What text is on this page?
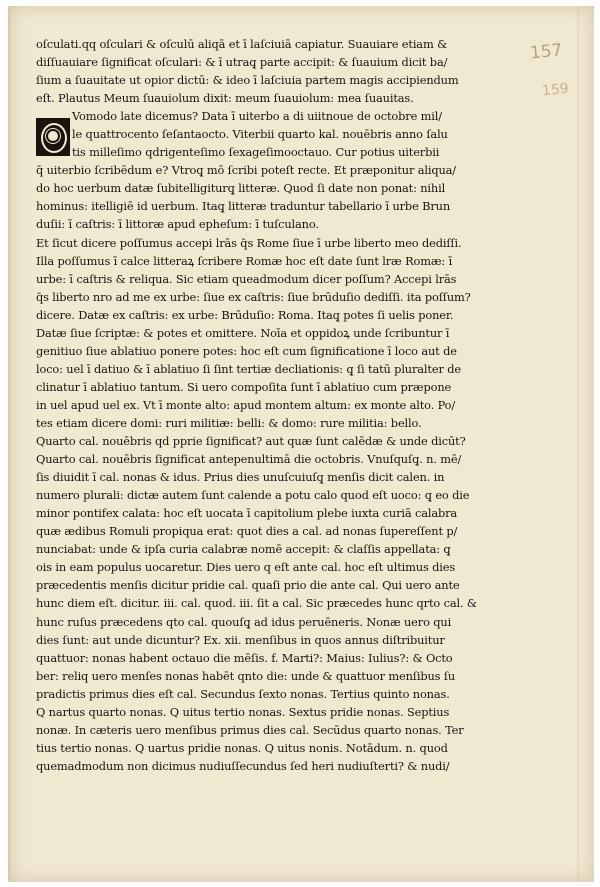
157
159
oſculati.qq oſculari & oſculū aliqā et ī laſciuiā capiatur. Suauiare etiam &
diſſuauiare ſignificat oſculari: & ī utraq̧ parte accipit: & ſuauium dicit ba/
ſium a ſuauitate ut opior dictū: & ideo ī laſciuia partem magis accipiendum
eſt. Plautus Meum ſuauiolum dixit: meum ſuauiolum: mea ſuauitas.
Vomodo late dicemus? Data ī uiterbo a di uiitnoue de octobre mil/
le quattrocento ſeſantaocto. Viterbii quarto kal. nouēbris anno ſalu
tis milleſimo qdrigenteſimo ſexageſimooctauo. Cur potius uiterbii
q̄ uiterbio ſcribēdum e? Vtroq̧ mō ſcribi poteſt recte. Et præponitur aliqua/
do hoc uerbum datæ ſubitelligiturq̧ litteræ. Quod ſi date non ponat: nihil
hominus: itelligiē id uerbum. Itaq̧ litteræ traduntur tabellario ī urbe Brun
duſii: ī caſtris: ī littoræ apud epheſum: ī tuſculano.
Et ſicut dicere poſſumus accepi lrās q̄s Rome ſiue ī urbe liberto meo dediſſi.
Illa poſſumus ī calce litteraꝝ ſcribere Romæ hoc eſt date ſunt lræ Romæ: ī
urbe: ī caſtris & reliqua. Sic etiam queadmodum dicer poſſum? Accepi lrās
q̄s liberto nro ad me ex urbe: ſiue ex caſtris: ſiue brūduſio dediſſi. ita poſſum?
dicere. Datæ ex caſtris: ex urbe: Brūduſio: Roma. Itaq̧ potes ſi uelis poner.
Datæ ſiue ſcriptæ: & potes et omittere. Noīa et oppidoꝝ unde ſcribuntur ī
genitiuo ſiue ablatiuo ponere potes: hoc eſt cum ſignificatione ī loco aut de
loco: uel ī datiuo & ī ablatiuo ſi ſint tertiæ decliationis: q̧ ſi tatū pluralter de
clinatur ī ablatiuo tantum. Si uero compoſita ſunt ī ablatiuo cum præpone
in uel apud uel ex. Vt ī monte alto: apud montem altum: ex monte alto. Po/
tes etiam dicere domi: ruri militiæ: belli: & domo: rure militia: bello.
Quarto cal. nouēbris qd pprie ſignificat? aut quæ ſunt calēdæ & unde dicūt?
Quarto cal. nouēbris ſignificat antepenultimā die octobris. Vnuſquſq̧. n. mē/
ſis diuidit ī cal. nonas & idus. Prius dies unuſcuiuſq̧ menſis dicit calen. in
numero plurali: dictæ autem ſunt calende a potu calo quod eſt uoco: q̧ eo die
minor pontifex calata: hoc eſt uocata ī capitolium plebe iuxta curiā calabra
quæ ædibus Romuli propiqua erat: quot dies a cal. ad nonas ſupereſſent p/
nunciabat: unde & ipſa curia calabræ nomē accepit: & claſſis appellata: q̧
ois in eam populus uocaretur. Dies uero q eſt ante cal. hoc eſt ultimus dies
præcedentis menſis dicitur pridie cal. quaſi prio die ante cal. Qui uero ante
hunc diem eſt. dicitur. iii. cal. quod. iii. ſit a cal. Sic præcedes hunc qrto cal. &
hunc ruſus præcedens qto cal. quouſq̧ ad idus peruēneris. Nonæ uero qui
dies ſunt: aut unde dicuntur? Ex. xii. menſibus in quos annus diſtribuitur
quattuor: nonas habent octauo die mēſis. f. Marti?: Maius: Iulius?: & Octo
ber: reliq uero menſes nonas habēt qnto die: unde & quattuor menſibus ſu
pradictis primus dies eſt cal. Secundus ſexto nonas. Tertius quinto nonas.
Q nartus quarto nonas. Q uitus tertio nonas. Sextus pridie nonas. Septius
nonæ. In cæteris uero menſibus primus dies cal. Secūdus quarto nonas. Ter
tius tertio nonas. Q uartus pridie nonas. Q uitus nonis. Notādum. n. quod
quemadmodum non dicimus nudiuſſecundus ſed heri nudiuſterti? & nudi/
